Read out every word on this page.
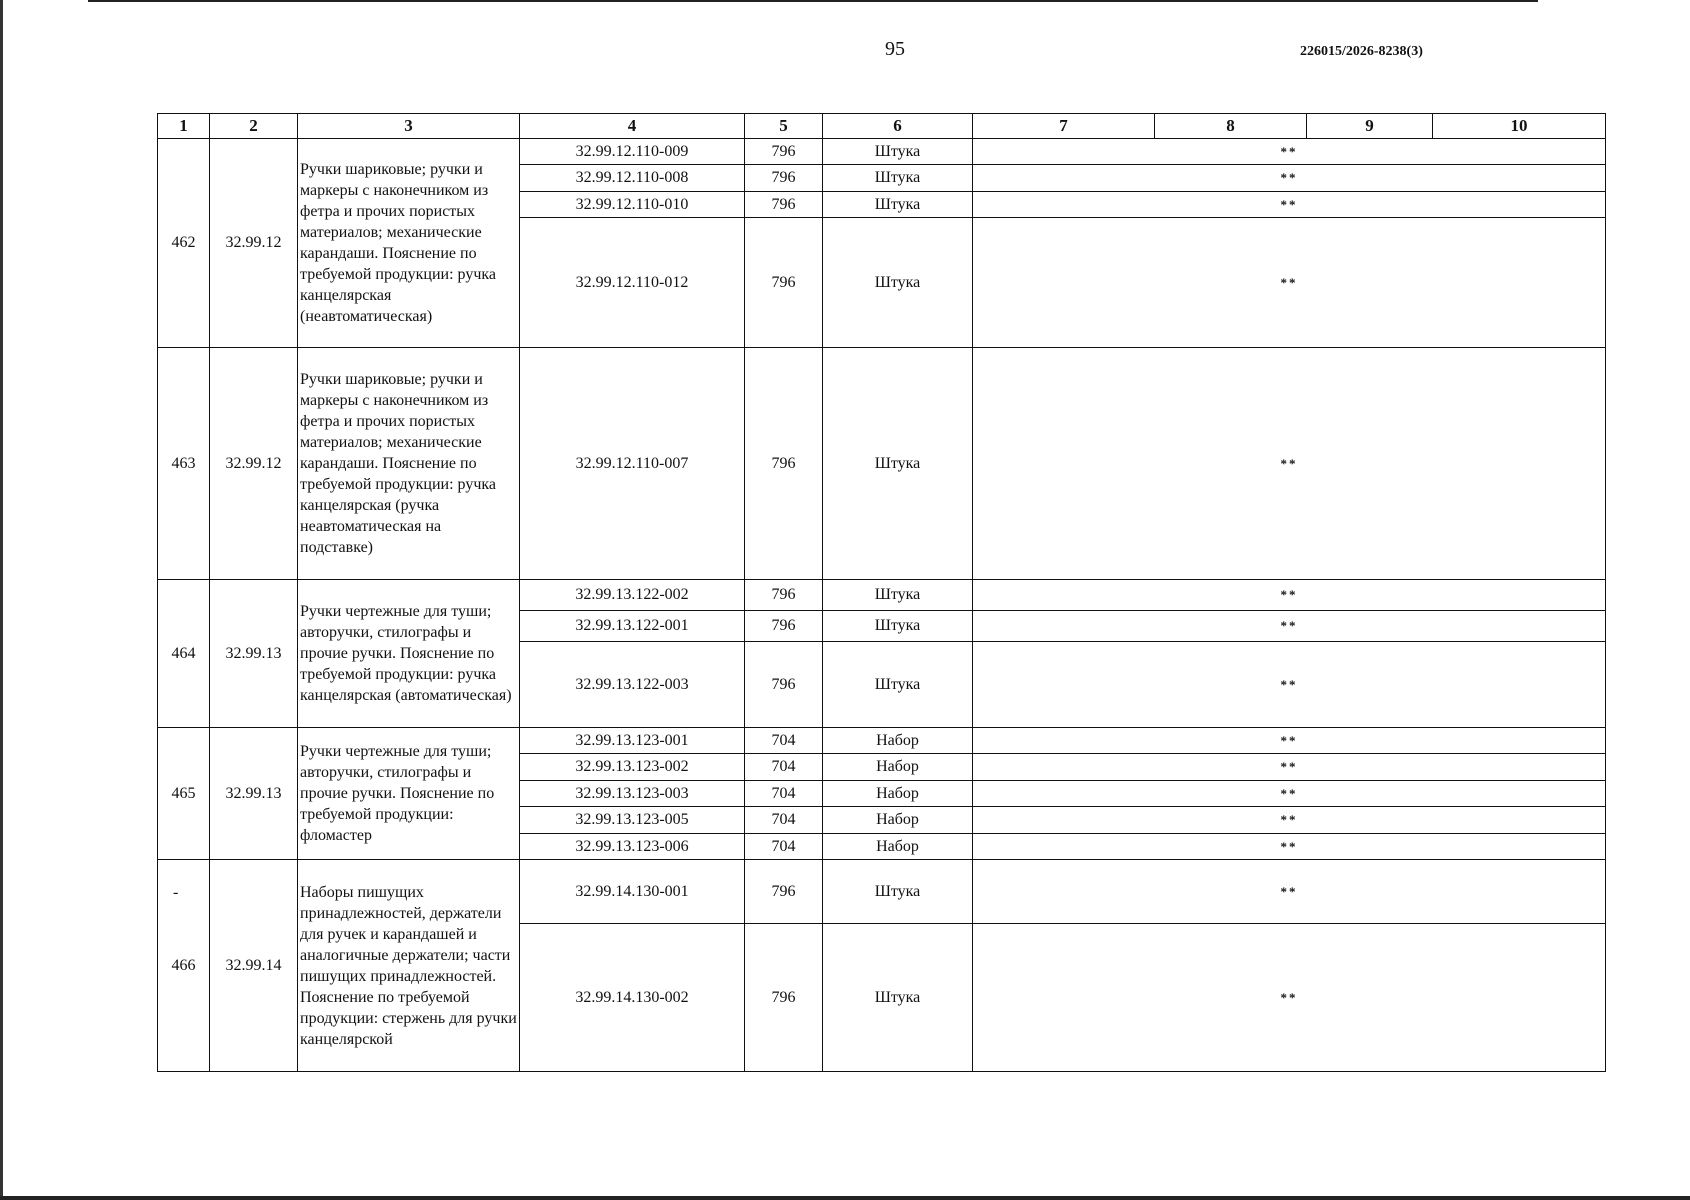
95	226015/2026-8238(3)
1	2	3	4	5	6	7	8	9	10
462	32.99.12	Ручки шариковые; ручки и маркеры с наконечником из фетра и прочих пористых материалов; механические карандаши. Пояснение по требуемой продукции: ручка канцелярская (неавтоматическая)	32.99.12.110-009	796	Штука	**			
			32.99.12.110-008	796	Штука	**			
			32.99.12.110-010	796	Штука	**			
			32.99.12.110-012	796	Штука	**			
463	32.99.12	Ручки шариковые; ручки и маркеры с наконечником из фетра и прочих пористых материалов; механические карандаши. Пояснение по требуемой продукции: ручка канцелярская (ручка неавтоматическая на подставке)	32.99.12.110-007	796	Штука	**			
464	32.99.13	Ручки чертежные для туши; авторучки, стилографы и прочие ручки. Пояснение по требуемой продукции: ручка канцелярская (автоматическая)	32.99.13.122-002	796	Штука	**			
			32.99.13.122-001	796	Штука	**			
			32.99.13.122-003	796	Штука	**			
465	32.99.13	Ручки чертежные для туши; авторучки, стилографы и прочие ручки. Пояснение по требуемой продукции: фломастер	32.99.13.123-001	704	Набор	**			
			32.99.13.123-002	704	Набор	**			
			32.99.13.123-003	704	Набор	**			
			32.99.13.123-005	704	Набор	**			
			32.99.13.123-006	704	Набор	**			
466	32.99.14	Наборы пишущих принадлежностей, держатели для ручек и карандашей и аналогичные держатели; части пишущих принадлежностей. Пояснение по требуемой продукции: стержень для ручки канцелярской	32.99.14.130-001	796	Штука	**			
			32.99.14.130-002	796	Штука	**			
-
